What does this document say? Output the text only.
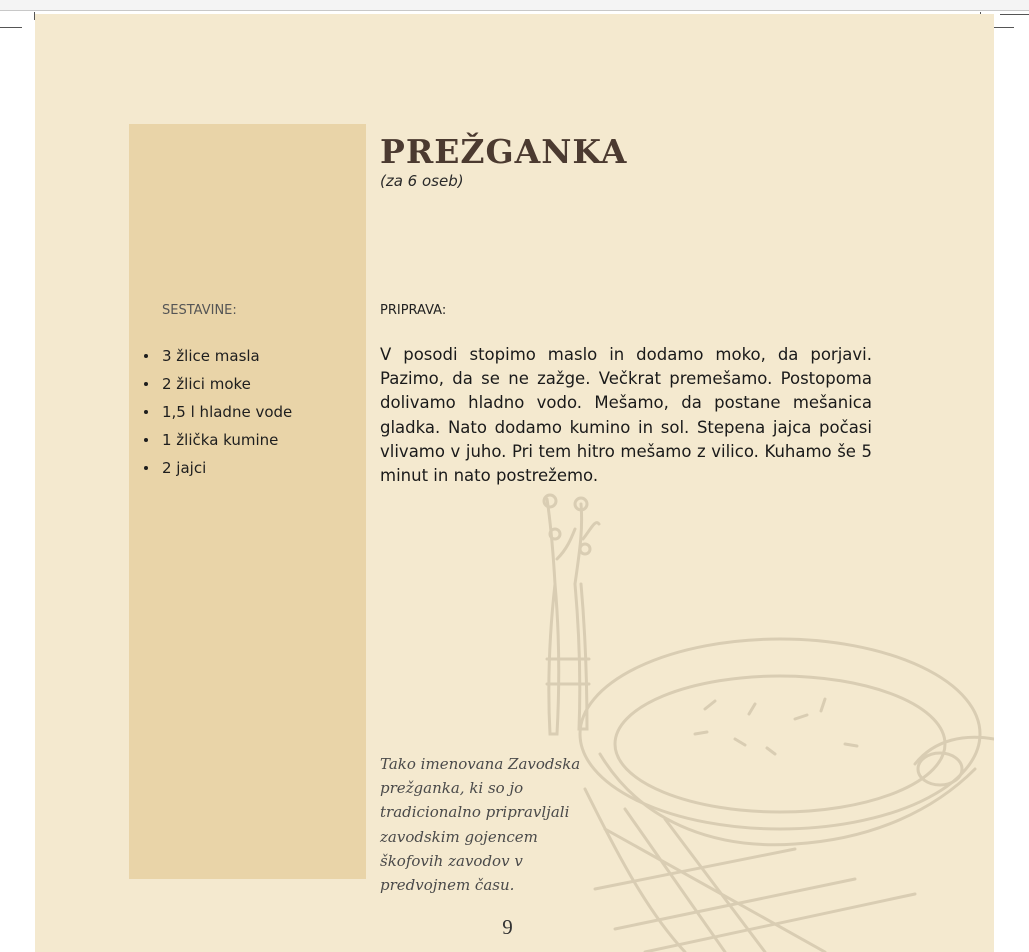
PREŽGANKA
(za 6 oseb)
SESTAVINE:	PRIPRAVA:
3 žlice masla
2 žlici moke
1,5 l hladne vode
1 žlička kumine
2 jajci

V posodi stopimo maslo in dodamo moko, da porjavi. Pazimo, da se ne zažge. Večkrat premešamo. Postopoma dolivamo hladno vodo. Mešamo, da postane mešanica gladka. Nato dodamo kumino in sol. Stepena jajca počasi vlivamo v juho. Pri tem hitro mešamo z vilico. Kuhamo še 5 minut in nato postrežemo.

Tako imenovana Zavodska prežganka, ki so jo tradicionalno pripravljali zavodskim gojencem škofovih zavodov v predvojnem času.

9
